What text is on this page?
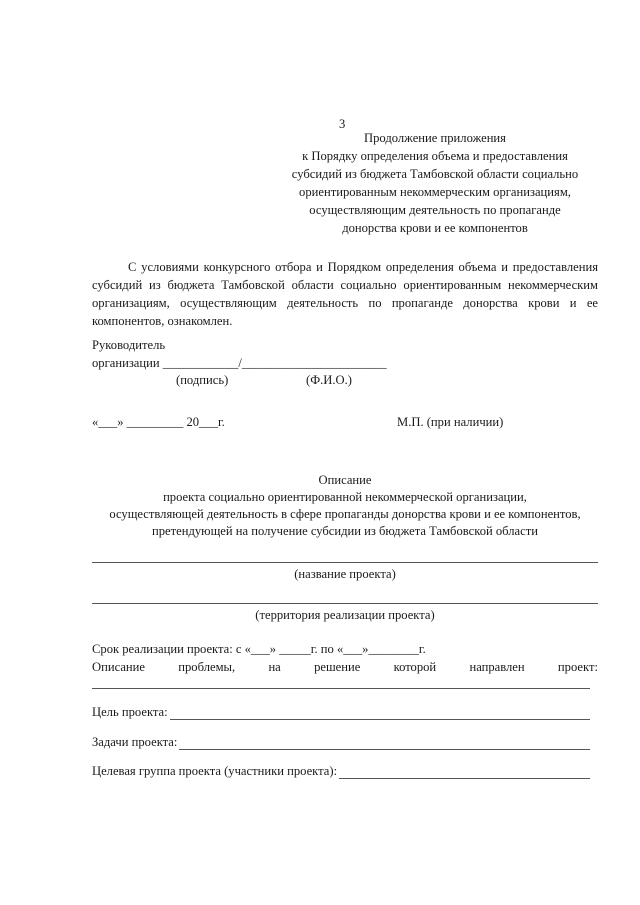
3
Продолжение приложения
к Порядку определения объема и предоставления
субсидий из бюджета Тамбовской области социально
ориентированным некоммерческим организациям,
осуществляющим деятельность по пропаганде
донорства крови и ее компонентов
С условиями конкурсного отбора и Порядком определения объема и предоставления субсидий из бюджета Тамбовской области социально ориентированным некоммерческим организациям, осуществляющим деятельность по пропаганде донорства крови и ее компонентов, ознакомлен.
Руководитель
организации ____________/_______________________
(подпись)	(Ф.И.О.)
«___» _________ 20___г.	М.П. (при наличии)
Описание
проекта социально ориентированной некоммерческой организации,
осуществляющей деятельность в сфере пропаганды донорства крови и ее компонентов,
претендующей на получение субсидии из бюджета Тамбовской области
(название проекта)
(территория реализации проекта)
Срок реализации проекта: с «___» _____г. по «___»________г.
Описание	проблемы,	на	решение	которой	направлен	проект:
Цель проекта:
Задачи проекта:
Целевая группа проекта (участники проекта):
